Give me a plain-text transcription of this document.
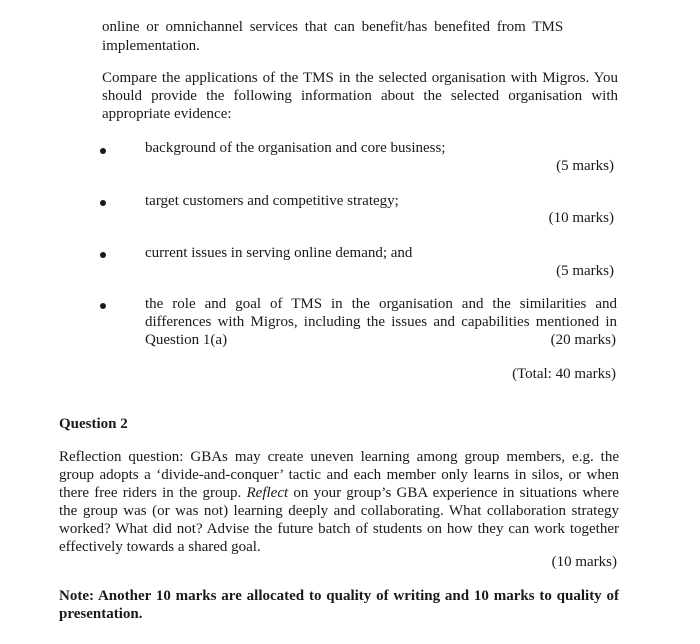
online or omnichannel services that can benefit/has benefited from TMS

implementation.

Compare the applications of the TMS in the selected organisation with Migros. You should provide the following information about the selected organisation with appropriate evidence:

background of the organisation and core business;

(5 marks)

target customers and competitive strategy;

(10 marks)

current issues in serving online demand; and

(5 marks)

the role and goal of TMS in the organisation and the similarities and differences with Migros, including the issues and capabilities mentioned in Question 1(a)	(20 marks)

(Total: 40 marks)

Question 2

Reflection question: GBAs may create uneven learning among group members, e.g. the group adopts a ‘divide-and-conquer’ tactic and each member only learns in silos, or when there free riders in the group. Reflect on your group’s GBA experience in situations where the group was (or was not) learning deeply and collaborating. What collaboration strategy worked? What did not? Advise the future batch of students on how they can work together effectively towards a shared goal.

(10 marks)

Note: Another 10 marks are allocated to quality of writing and 10 marks to quality of presentation.
